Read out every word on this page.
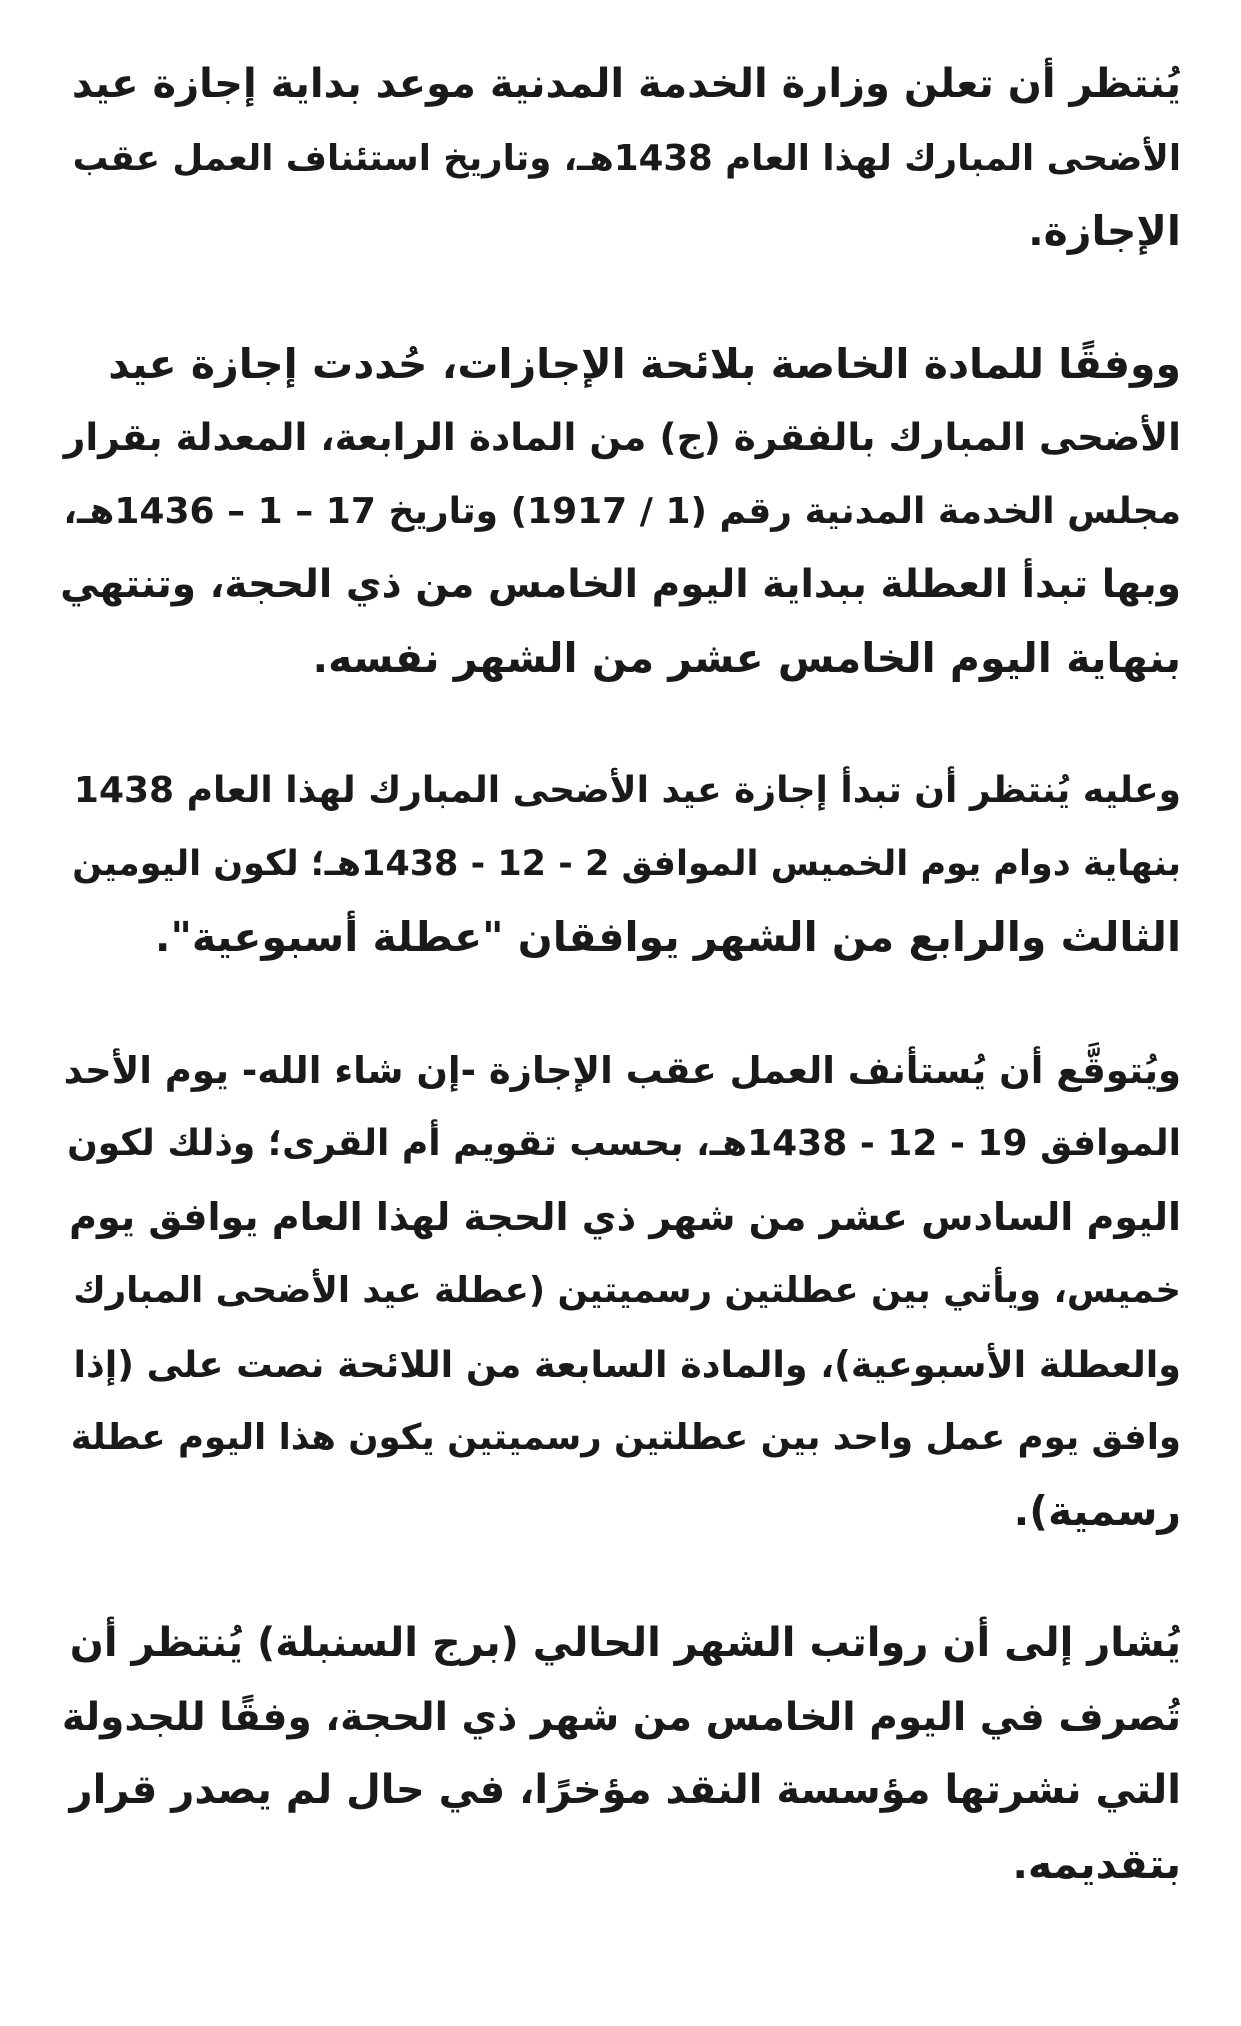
يُنتظر أن تعلن وزارة الخدمة المدنية موعد بداية إجازة عيد
الأضحى المبارك لهذا العام 1438هـ، وتاريخ استئناف العمل عقب
الإجازة.

ووفقًا للمادة الخاصة بلائحة الإجازات، حُددت إجازة عيد
الأضحى المبارك بالفقرة (ج) من المادة الرابعة، المعدلة بقرار
مجلس الخدمة المدنية رقم (1 / 1917) وتاريخ 17 – 1 – 1436هـ،
وبها تبدأ العطلة ببداية اليوم الخامس من ذي الحجة، وتنتهي
بنهاية اليوم الخامس عشر من الشهر نفسه.

وعليه يُنتظر أن تبدأ إجازة عيد الأضحى المبارك لهذا العام 1438
بنهاية دوام يوم الخميس الموافق 2 - 12 - 1438هـ؛ لكون اليومين
الثالث والرابع من الشهر يوافقان "عطلة أسبوعية".

ويُتوقَّع أن يُستأنف العمل عقب الإجازة -إن شاء الله- يوم الأحد
الموافق 19 - 12 - 1438هـ، بحسب تقويم أم القرى؛ وذلك لكون
اليوم السادس عشر من شهر ذي الحجة لهذا العام يوافق يوم
خميس، ويأتي بين عطلتين رسميتين (عطلة عيد الأضحى المبارك
والعطلة الأسبوعية)، والمادة السابعة من اللائحة نصت على (إذا
وافق يوم عمل واحد بين عطلتين رسميتين يكون هذا اليوم عطلة
رسمية).

يُشار إلى أن رواتب الشهر الحالي (برج السنبلة) يُنتظر أن
تُصرف في اليوم الخامس من شهر ذي الحجة، وفقًا للجدولة
التي نشرتها مؤسسة النقد مؤخرًا، في حال لم يصدر قرار
بتقديمه.
